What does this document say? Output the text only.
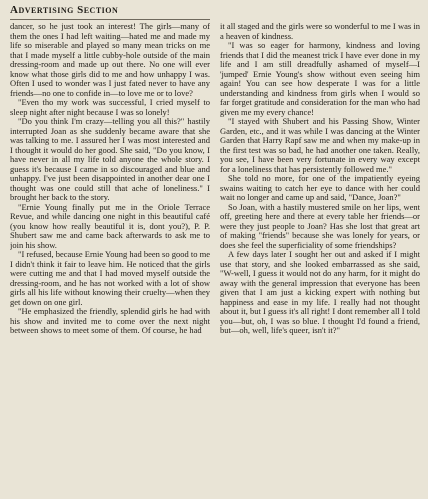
Advertising Section

dancer, so he just took an interest! The girls—many of them the ones I had left waiting—hated me and made my life so miserable and played so many mean tricks on me that I made myself a little cubby-hole outside of the main dressing-room and made up out there. No one will ever know what those girls did to me and how unhappy I was. Often I used to wonder was I just fated never to have any friends—no one to confide in—to love me or to love?

"Even tho my work was successful, I cried myself to sleep night after night because I was so lonely!

"Do you think I'm crazy—telling you all this?" hastily interrupted Joan as she suddenly became aware that she was talking to me. I assured her I was most interested and I thought it would do her good. She said, "Do you know, I have never in all my life told anyone the whole story. I guess it's because I came in so discouraged and blue and unhappy. I've just been disappointed in another dear one I thought was one could still that ache of loneliness." I brought her back to the story.

"Ernie Young finally put me in the Oriole Terrace Revue, and while dancing one night in this beautiful café (you know how really beautiful it is, dont you?), P. P. Shubert saw me and came back afterwards to ask me to join his show.

"I refused, because Ernie Young had been so good to me I didn't think it fair to leave him. He noticed that the girls were cutting me and that I had moved myself outside the dressing-room, and he has not worked with a lot of show girls all his life without knowing their cruelty—when they get down on one girl.

"He emphasized the friendly, splendid girls he had with his show and invited me to come over the next night between shows to meet some of them. Of course, he had

it all staged and the girls were so wonderful to me I was in a heaven of kindness.

"I was so eager for harmony, kindness and loving friends that I did the meanest trick I have ever done in my life and I am still dreadfully ashamed of myself—I 'jumped' Ernie Young's show without even seeing him again! You can see how desperate I was for a little understanding and kindness from girls when I would so far forget gratitude and consideration for the man who had given me my every chance!

"I stayed with Shubert and his Passing Show, Winter Garden, etc., and it was while I was dancing at the Winter Garden that Harry Rapf saw me and when my make-up in the first test was so bad, he had another one taken. Really, you see, I have been very fortunate in every way except for a loneliness that has persistently followed me."

She told no more, for one of the impatiently eyeing swains waiting to catch her eye to dance with her could wait no longer and came up and said, "Dance, Joan?"

So Joan, with a hastily mustered smile on her lips, went off, greeting here and there at every table her friends—or were they just people to Joan? Has she lost that great art of making "friends" because she was lonely for years, or does she feel the superficiality of some friendships?

A few days later I sought her out and asked if I might use that story, and she looked embarrassed as she said, "W-well, I guess it would not do any harm, for it might do away with the general impression that everyone has been given that I am just a kicking expert with nothing but happiness and ease in my life. I really had not thought about it, but I guess it's all right! I dont remember all I told you—but, oh, I was so blue. I thought I'd found a friend, but—oh, well, life's queer, isn't it?"
